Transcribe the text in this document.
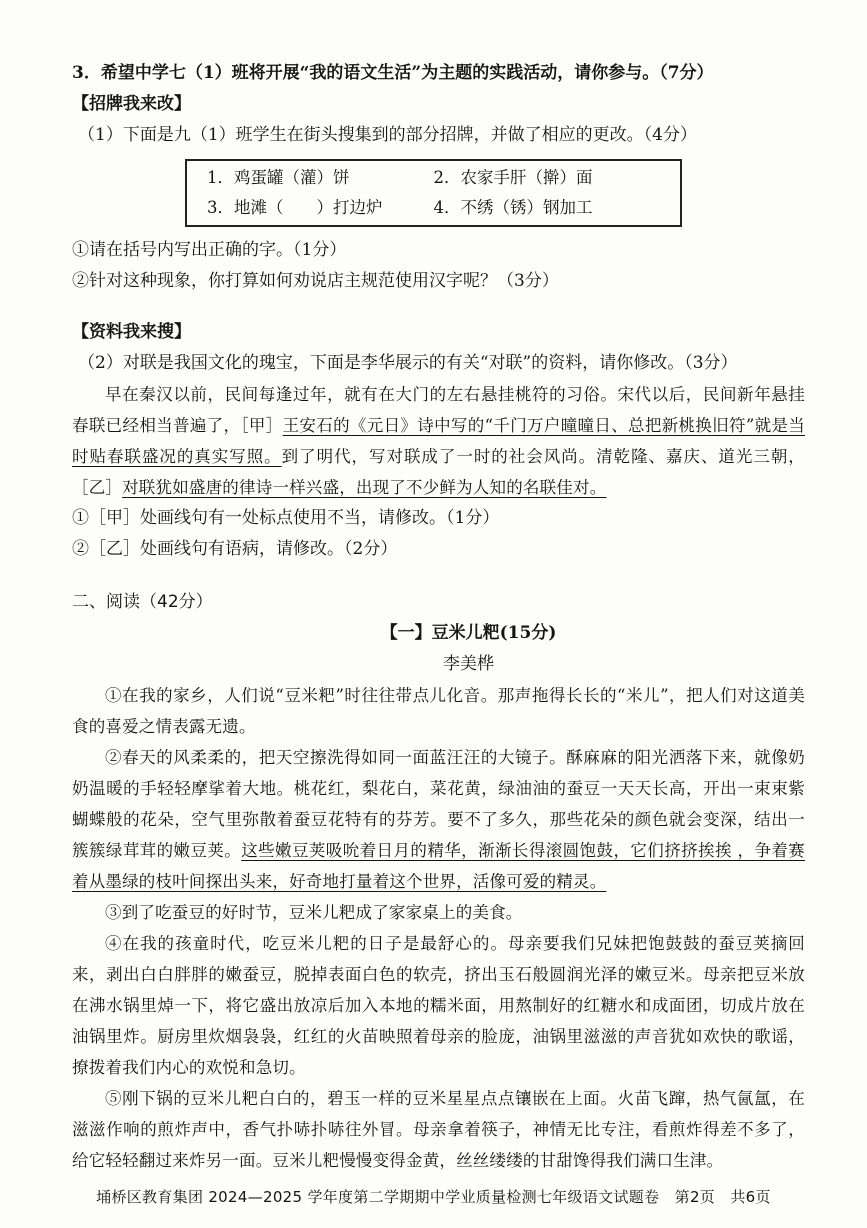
3．希望中学七（1）班将开展“我的语文生活”为主题的实践活动，请你参与。（7分）
【招牌我来改】
（1）下面是九（1）班学生在街头搜集到的部分招牌，并做了相应的更改。（4分）
1．鸡蛋罐（灌）饼	2．农家手肝（擀）面
3．地滩（　　）打边炉	4．不绣（锈）钢加工
①请在括号内写出正确的字。（1分）
②针对这种现象，你打算如何劝说店主规范使用汉字呢？（3分）
【资料我来搜】
（2）对联是我国文化的瑰宝，下面是李华展示的有关“对联”的资料，请你修改。（3分）

早在秦汉以前，民间每逢过年，就有在大门的左右悬挂桃符的习俗。宋代以后，民间新年悬挂春联已经相当普遍了，［甲］王安石的《元日》诗中写的“千门万户曈曈日、总把新桃换旧符”就是当时贴春联盛况的真实写照。到了明代，写对联成了一时的社会风尚。清乾隆、嘉庆、道光三朝，［乙］对联犹如盛唐的律诗一样兴盛，出现了不少鲜为人知的名联佳对。

①［甲］处画线句有一处标点使用不当，请修改。（1分）
②［乙］处画线句有语病，请修改。（2分）
二、阅读（42分）
【一】豆米儿粑(15分)
李美桦

①在我的家乡，人们说“豆米粑”时往往带点儿化音。那声拖得长长的“米儿”，把人们对这道美食的喜爱之情表露无遗。

②春天的风柔柔的，把天空擦洗得如同一面蓝汪汪的大镜子。酥麻麻的阳光洒落下来，就像奶奶温暖的手轻轻摩挲着大地。桃花红，梨花白，菜花黄，绿油油的蚕豆一天天长高，开出一束束紫蝴蝶般的花朵，空气里弥散着蚕豆花特有的芬芳。要不了多久，那些花朵的颜色就会变深，结出一簇簇绿茸茸的嫩豆荚。这些嫩豆荚吸吮着日月的精华，渐渐长得滚圆饱鼓，它们挤挤挨挨 ，争着赛着从墨绿的枝叶间探出头来，好奇地打量着这个世界，活像可爱的精灵。

③到了吃蚕豆的好时节，豆米儿粑成了家家桌上的美食。

④在我的孩童时代，吃豆米儿粑的日子是最舒心的。母亲要我们兄妹把饱鼓鼓的蚕豆荚摘回来，剥出白白胖胖的嫩蚕豆，脱掉表面白色的软壳，挤出玉石般圆润光泽的嫩豆米。母亲把豆米放在沸水锅里焯一下，将它盛出放凉后加入本地的糯米面，用熬制好的红糖水和成面团，切成片放在油锅里炸。厨房里炊烟袅袅，红红的火苗映照着母亲的脸庞，油锅里滋滋的声音犹如欢快的歌谣，撩拨着我们内心的欢悦和急切。

⑤刚下锅的豆米儿粑白白的，碧玉一样的豆米星星点点镶嵌在上面。火苗飞蹿，热气氤氲，在滋滋作响的煎炸声中，香气扑哧扑哧往外冒。母亲拿着筷子，神情无比专注，看煎炸得差不多了，给它轻轻翻过来炸另一面。豆米儿粑慢慢变得金黄，丝丝缕缕的甘甜馋得我们满口生津。

埇桥区教育集团 2024—2025 学年度第二学期期中学业质量检测七年级语文试题卷　第2页　共6页
